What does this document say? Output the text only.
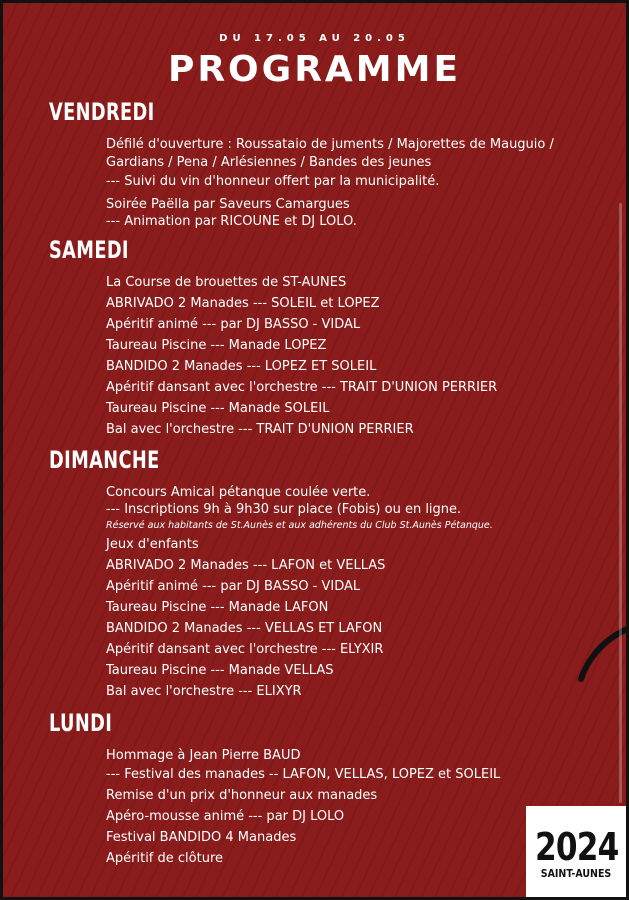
DU 17.05 AU 20.05
PROGRAMME
VENDREDI
Défilé d'ouverture : Roussataio de juments / Majorettes de Mauguio /
Gardians / Pena / Arlésiennes / Bandes des jeunes
--- Suivi du vin d'honneur offert par la municipalité.
Soirée Paëlla par Saveurs Camargues
--- Animation par RICOUNE et DJ LOLO.
SAMEDI
La Course de brouettes de ST-AUNES
ABRIVADO 2 Manades --- SOLEIL et LOPEZ
Apéritif animé --- par DJ BASSO - VIDAL
Taureau Piscine --- Manade LOPEZ
BANDIDO 2 Manades --- LOPEZ ET SOLEIL
Apéritif dansant avec l'orchestre --- TRAIT D'UNION PERRIER
Taureau Piscine --- Manade SOLEIL
Bal avec l'orchestre --- TRAIT D'UNION PERRIER
DIMANCHE
Concours Amical pétanque coulée verte.
--- Inscriptions 9h à 9h30 sur place (Fobis) ou en ligne.
Réservé aux habitants de St.Aunès et aux adhérents du Club St.Aunès Pétanque.
Jeux d'enfants
ABRIVADO 2 Manades --- LAFON et VELLAS
Apéritif animé --- par DJ BASSO - VIDAL
Taureau Piscine --- Manade LAFON
BANDIDO 2 Manades --- VELLAS ET LAFON
Apéritif dansant avec l'orchestre --- ELYXIR
Taureau Piscine --- Manade VELLAS
Bal avec l'orchestre --- ELIXYR
LUNDI
Hommage à Jean Pierre BAUD
--- Festival des manades -- LAFON, VELLAS, LOPEZ et SOLEIL
Remise d'un prix d'honneur aux manades
Apéro-mousse animé --- par DJ LOLO
Festival BANDIDO 4 Manades
Apéritif de clôture	2024
SAINT-AUNES
